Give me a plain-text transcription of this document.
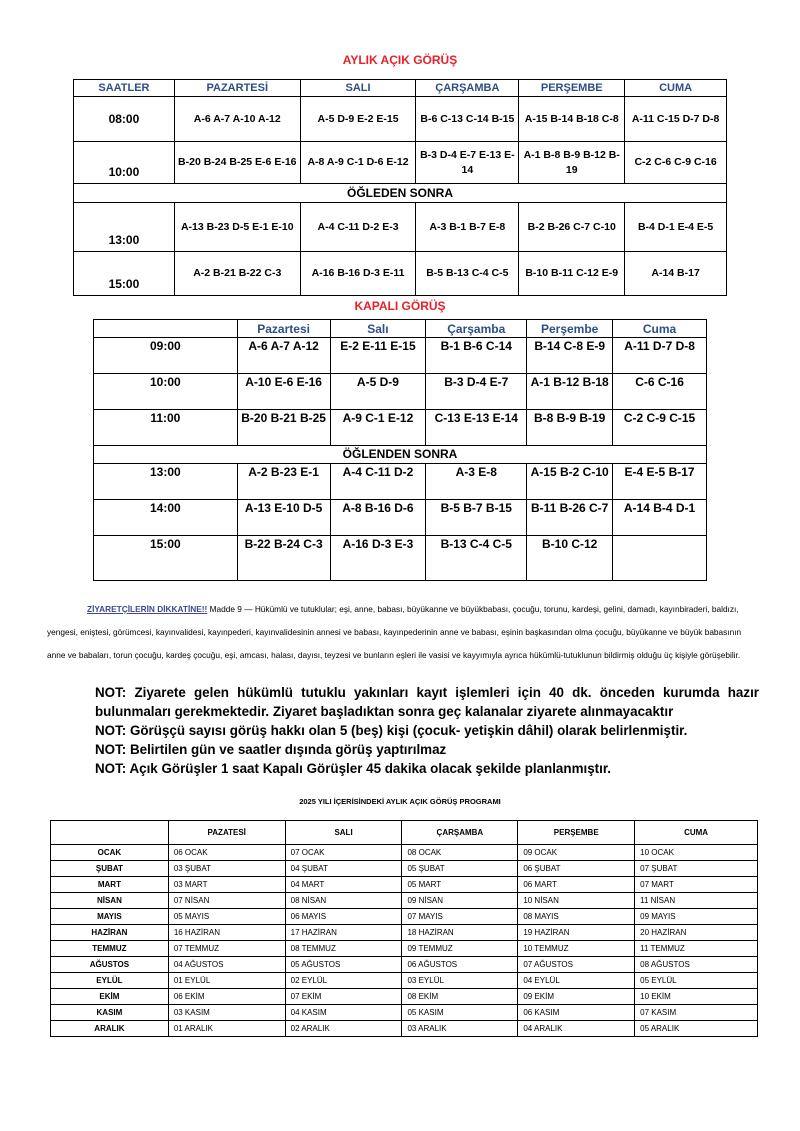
AYLIK AÇIK GÖRÜŞ
SAATLER	PAZARTESİ	SALI	ÇARŞAMBA	PERŞEMBE	CUMA
08:00	A-6 A-7 A-10 A-12	A-5 D-9 E-2 E-15	B-6 C-13 C-14 B-15	A-15 B-14 B-18 C-8	A-11 C-15 D-7 D-8
10:00	B-20 B-24 B-25 E-6 E-16	A-8 A-9 C-1 D-6 E-12	B-3 D-4 E-7 E-13 E-14	A-1 B-8 B-9 B-12 B-19	C-2 C-6 C-9 C-16
ÖĞLEDEN SONRA					
13:00	A-13 B-23 D-5 E-1 E-10	A-4 C-11 D-2 E-3	A-3 B-1 B-7 E-8	B-2 B-26 C-7 C-10	B-4 D-1 E-4 E-5
15:00	A-2 B-21 B-22 C-3	A-16 B-16 D-3 E-11	B-5 B-13 C-4 C-5	B-10 B-11 C-12 E-9	A-14 B-17
KAPALI GÖRÜŞ
	Pazartesi	Salı	Çarşamba	Perşembe	Cuma
09:00	A-6 A-7 A-12	E-2 E-11 E-15	B-1 B-6 C-14	B-14 C-8 E-9	A-11 D-7 D-8
10:00	A-10 E-6 E-16	A-5 D-9	B-3 D-4 E-7	A-1 B-12 B-18	C-6 C-16
11:00	B-20 B-21 B-25	A-9 C-1 E-12	C-13 E-13 E-14	B-8 B-9 B-19	C-2 C-9 C-15
ÖĞLENDEN SONRA					
13:00	A-2 B-23 E-1	A-4 C-11 D-2	A-3 E-8	A-15 B-2 C-10	E-4 E-5 B-17
14:00	A-13 E-10 D-5	A-8 B-16 D-6	B-5 B-7 B-15	B-11 B-26 C-7	A-14 B-4 D-1
15:00	B-22 B-24 C-3	A-16 D-3 E-3	B-13 C-4 C-5	B-10 C-12	
ZİYARETÇİLERİN DİKKATİNE!! Madde 9 — Hükümlü ve tutuklular; eşi, anne, babası, büyükanne ve büyükbabası, çocuğu, torunu, kardeşi, gelini, damadı, kayınbiraderi, baldızı, yengesi, eniştesi, görümcesi, kayınvalidesi, kayınpederi, kayınvalidesinin annesi ve babası, kayınpederinin anne ve babası, eşinin başkasından olma çocuğu, büyükanne ve büyük babasının anne ve babaları, torun çocuğu, kardeş çocuğu, eşi, amcası, halası, dayısı, teyzesi ve bunların eşleri ile vasisi ve kayyımıyla ayrıca hükümlü-tutuklunun bildirmiş olduğu üç kişiyle görüşebilir.

NOT: Ziyarete gelen hükümlü tutuklu yakınları kayıt işlemleri için 40 dk. önceden kurumda hazır bulunmaları gerekmektedir. Ziyaret başladıktan sonra geç kalanalar ziyarete alınmayacaktır

NOT: Görüşçü sayısı görüş hakkı olan 5 (beş) kişi (çocuk- yetişkin dâhil) olarak belirlenmiştir.

NOT: Belirtilen gün ve saatler dışında görüş yaptırılmaz

NOT: Açık Görüşler 1 saat Kapalı Görüşler 45 dakika olacak şekilde planlanmıştır.

2025 YILI İÇERİSİNDEKİ AYLIK AÇIK GÖRÜŞ PROGRAMI
	PAZATESİ	SALI	ÇARŞAMBA	PERŞEMBE	CUMA
OCAK	06 OCAK	07 OCAK	08 OCAK	09 OCAK	10 OCAK
ŞUBAT	03 ŞUBAT	04 ŞUBAT	05 ŞUBAT	06 ŞUBAT	07 ŞUBAT
MART	03 MART	04 MART	05 MART	06 MART	07 MART
NİSAN	07 NİSAN	08 NİSAN	09 NİSAN	10 NİSAN	11 NİSAN
MAYIS	05 MAYIS	06 MAYIS	07 MAYIS	08 MAYIS	09 MAYIS
HAZİRAN	16 HAZİRAN	17 HAZİRAN	18 HAZİRAN	19 HAZİRAN	20 HAZİRAN
TEMMUZ	07 TEMMUZ	08 TEMMUZ	09 TEMMUZ	10 TEMMUZ	11 TEMMUZ
AĞUSTOS	04 AĞUSTOS	05 AĞUSTOS	06 AĞUSTOS	07 AĞUSTOS	08 AĞUSTOS
EYLÜL	01 EYLÜL	02 EYLÜL	03 EYLÜL	04 EYLÜL	05 EYLÜL
EKİM	06 EKİM	07 EKİM	08 EKİM	09 EKİM	10 EKİM
KASIM	03 KASIM	04 KASIM	05 KASIM	06 KASIM	07 KASIM
ARALIK	01 ARALIK	02 ARALIK	03 ARALIK	04 ARALIK	05 ARALIK
